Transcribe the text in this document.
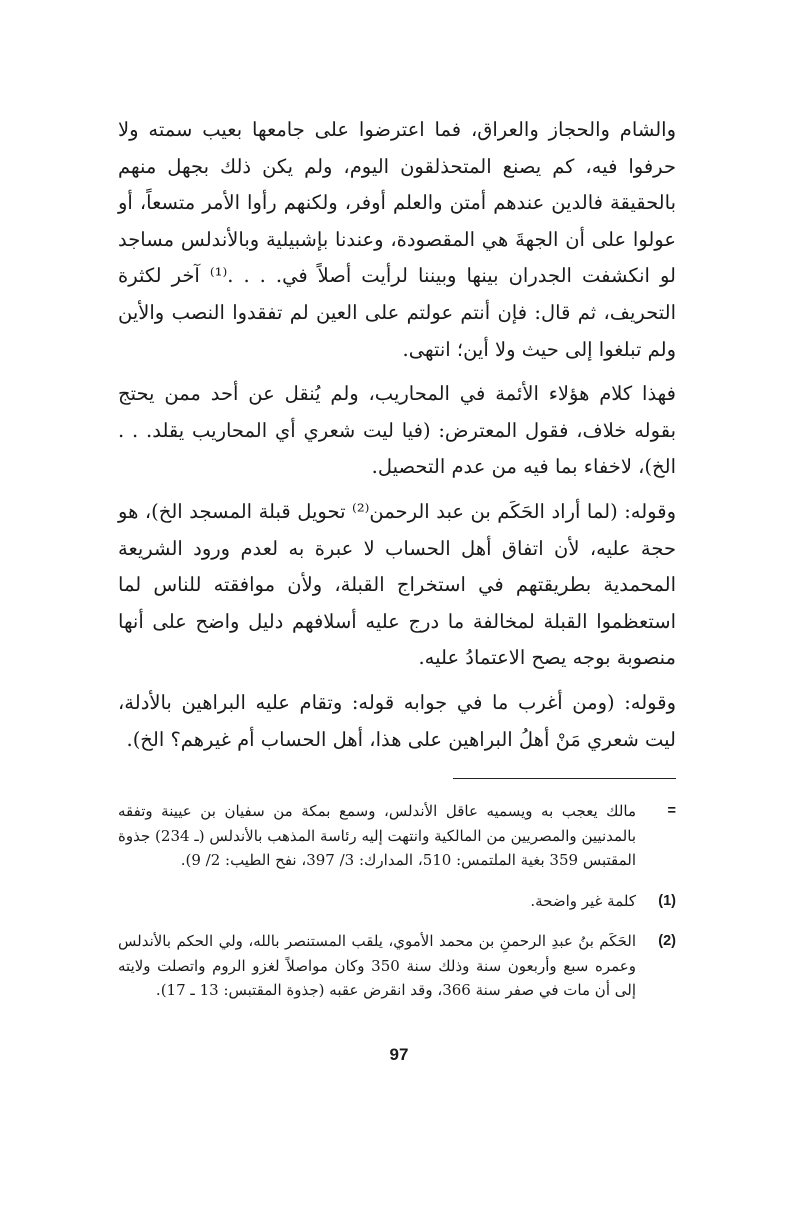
والشام والحجاز والعراق، فما اعترضوا على جامعها بعيب سمته ولا حرفوا فيه، كم يصنع المتحذلقون اليوم، ولم يكن ذلك بجهل منهم بالحقيقة فالدين عندهم أمتن والعلم أوفر، ولكنهم رأوا الأمر متسعاً، أو عولوا على أن الجهةَ هي المقصودة، وعندنا بإشبيلية وبالأندلس مساجد لو انكشفت الجدران بينها وبيننا لرأيت أصلاً في. . . .⁽¹⁾ آخر لكثرة التحريف، ثم قال: فإن أنتم عولتم على العين لم تفقدوا النصب والأين ولم تبلغوا إلى حيث ولا أين؛ انتهى.

فهذا كلام هؤلاء الأئمة في المحاريب، ولم يُنقل عن أحد ممن يحتج بقوله خلاف، فقول المعترض: (فيا ليت شعري أي المحاريب يقلد. . . الخ)، لاخفاء بما فيه من عدم التحصيل.

وقوله: (لما أراد الحَكَم بن عبد الرحمن⁽²⁾ تحويل قبلة المسجد الخ)، هو حجة عليه، لأن اتفاق أهل الحساب لا عبرة به لعدم ورود الشريعة المحمدية بطريقتهم في استخراج القبلة، ولأن موافقته للناس لما استعظموا القبلة لمخالفة ما درج عليه أسلافهم دليل واضح على أنها منصوبة بوجه يصح الاعتمادُ عليه.

وقوله: (ومن أغرب ما في جوابه قوله: وتقام عليه البراهين بالأدلة، ليت شعري مَنْ أهلُ البراهين على هذا، أهل الحساب أم غيرهم؟ الخ).

=
مالك يعجب به ويسميه عاقل الأندلس، وسمع بمكة من سفيان بن عيينة وتفقه بالمدنيين والمصريين من المالكية وانتهت إليه رئاسة المذهب بالأندلس (ـ 234) جذوة المقتبس 359 بغية الملتمس: 510، المدارك: 3/ 397، نفح الطيب: 2/ 9).
(1)
كلمة غير واضحة.
(2)
الحَكَم بنُ عبدِ الرحمنِ بن محمد الأموي، يلقب المستنصر بالله، ولي الحكم بالأندلس وعمره سبع وأربعون سنة وذلك سنة 350 وكان مواصلاً لغزو الروم واتصلت ولايته إلى أن مات في صفر سنة 366، وقد انقرض عقبه (جذوة المقتبس: 13 ـ 17).
97
